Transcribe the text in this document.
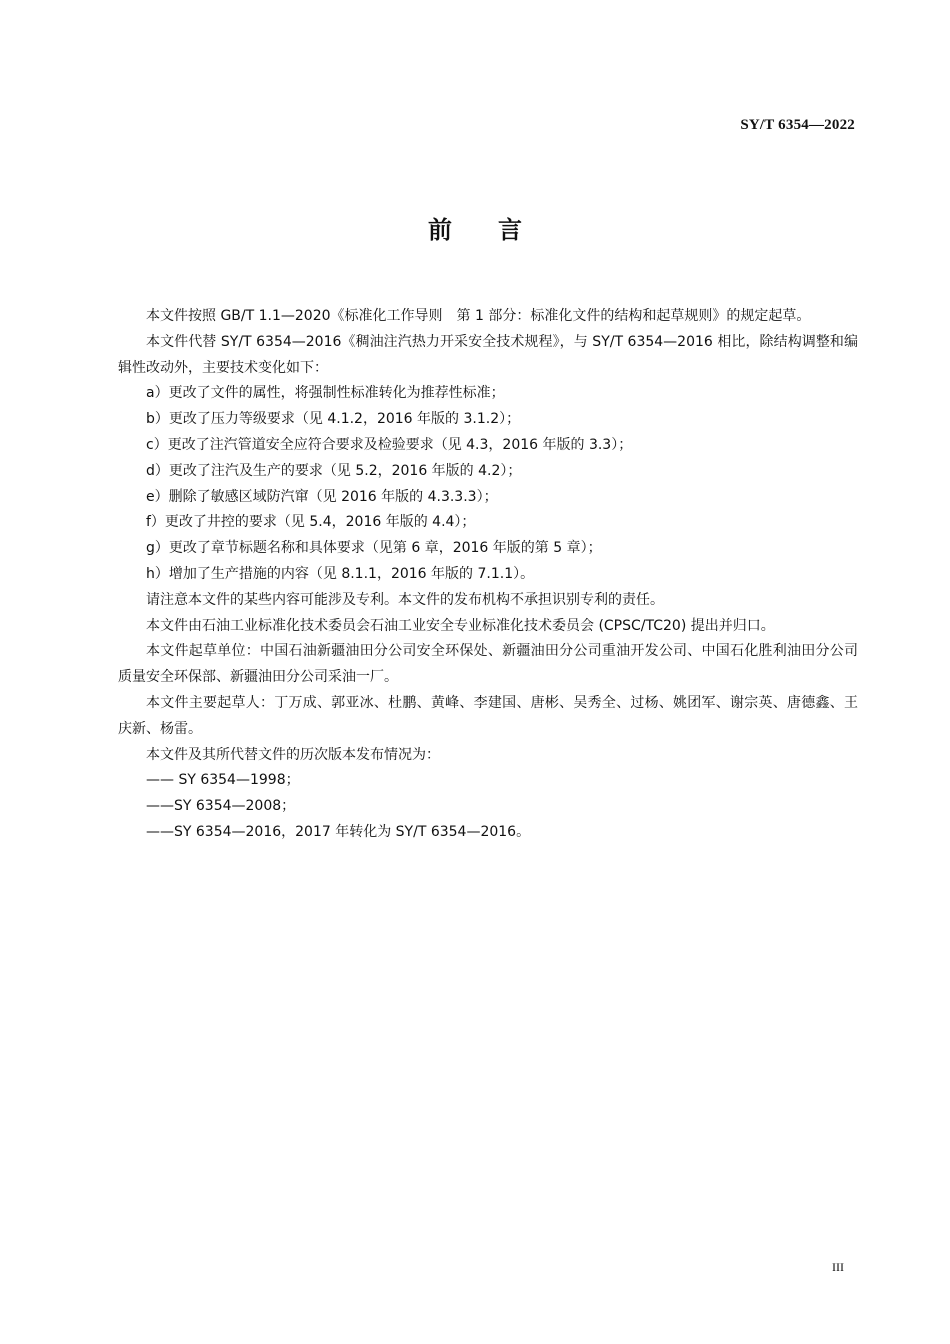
SY/T 6354—2022
前言

本文件按照 GB/T 1.1—2020《标准化工作导则　第 1 部分：标准化文件的结构和起草规则》的规定起草。

本文件代替 SY/T 6354—2016《稠油注汽热力开采安全技术规程》，与 SY/T 6354—2016 相比，除结构调整和编辑性改动外，主要技术变化如下：

a）更改了文件的属性，将强制性标准转化为推荐性标准；
b）更改了压力等级要求（见 4.1.2，2016 年版的 3.1.2）；
c）更改了注汽管道安全应符合要求及检验要求（见 4.3，2016 年版的 3.3）；
d）更改了注汽及生产的要求（见 5.2，2016 年版的 4.2）；
e）删除了敏感区域防汽窜（见 2016 年版的 4.3.3.3）；
f）更改了井控的要求（见 5.4，2016 年版的 4.4）；
g）更改了章节标题名称和具体要求（见第 6 章，2016 年版的第 5 章）；
h）增加了生产措施的内容（见 8.1.1，2016 年版的 7.1.1）。

请注意本文件的某些内容可能涉及专利。本文件的发布机构不承担识别专利的责任。

本文件由石油工业标准化技术委员会石油工业安全专业标准化技术委员会 (CPSC/TC20) 提出并归口。

本文件起草单位：中国石油新疆油田分公司安全环保处、新疆油田分公司重油开发公司、中国石化胜利油田分公司质量安全环保部、新疆油田分公司采油一厂。

本文件主要起草人：丁万成、郭亚冰、杜鹏、黄峰、李建国、唐彬、吴秀全、过杨、姚团军、谢宗英、唐德鑫、王庆新、杨雷。

本文件及其所代替文件的历次版本发布情况为：

—— SY 6354—1998；
——SY 6354—2008；
——SY 6354—2016，2017 年转化为 SY/T 6354—2016。
III
